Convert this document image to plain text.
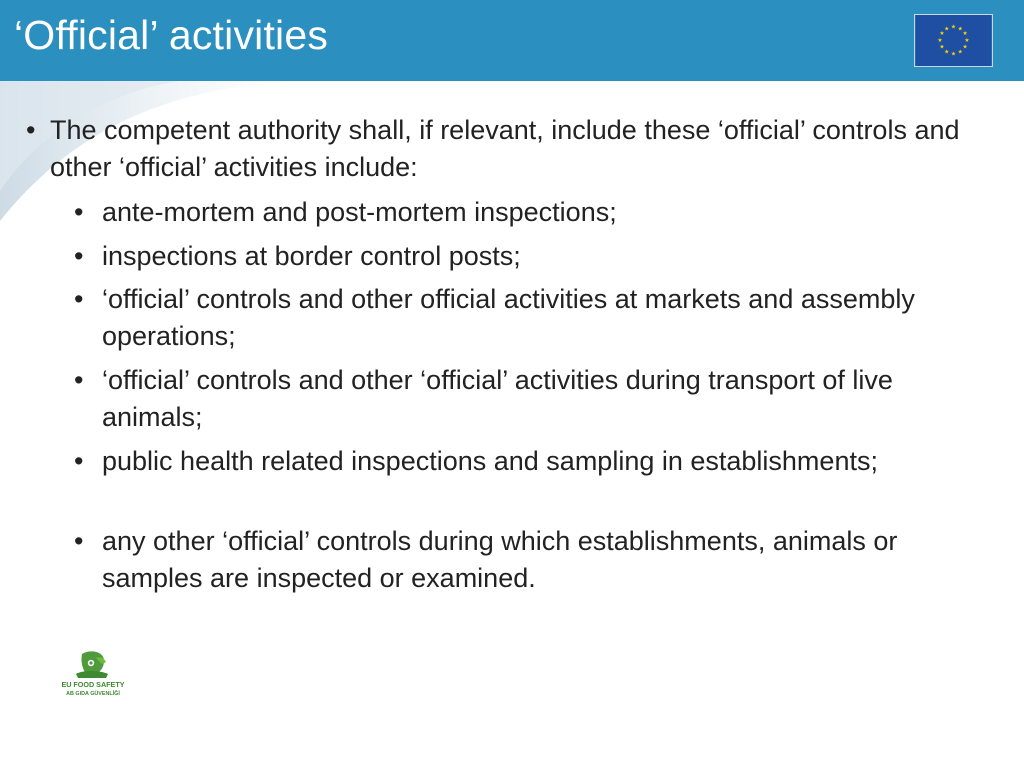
‘Official’ activities	★ ★
★
★
★
★
★
★
★
★
★
★
• The competent authority shall, if relevant, include these ‘official’ controls and other ‘official’ activities include:
• ante-mortem and post-mortem inspections;
• inspections at border control posts;
• ‘official’ controls and other official activities at markets and assembly operations;
• ‘official’ controls and other ‘official’ activities during transport of live animals;
• public health related inspections and sampling in establishments;
• any other ‘official’ controls during which establishments, animals or samples are inspected or examined.
EU FOOD SAFETY
AB GIDA GÜVENLİĞİ
